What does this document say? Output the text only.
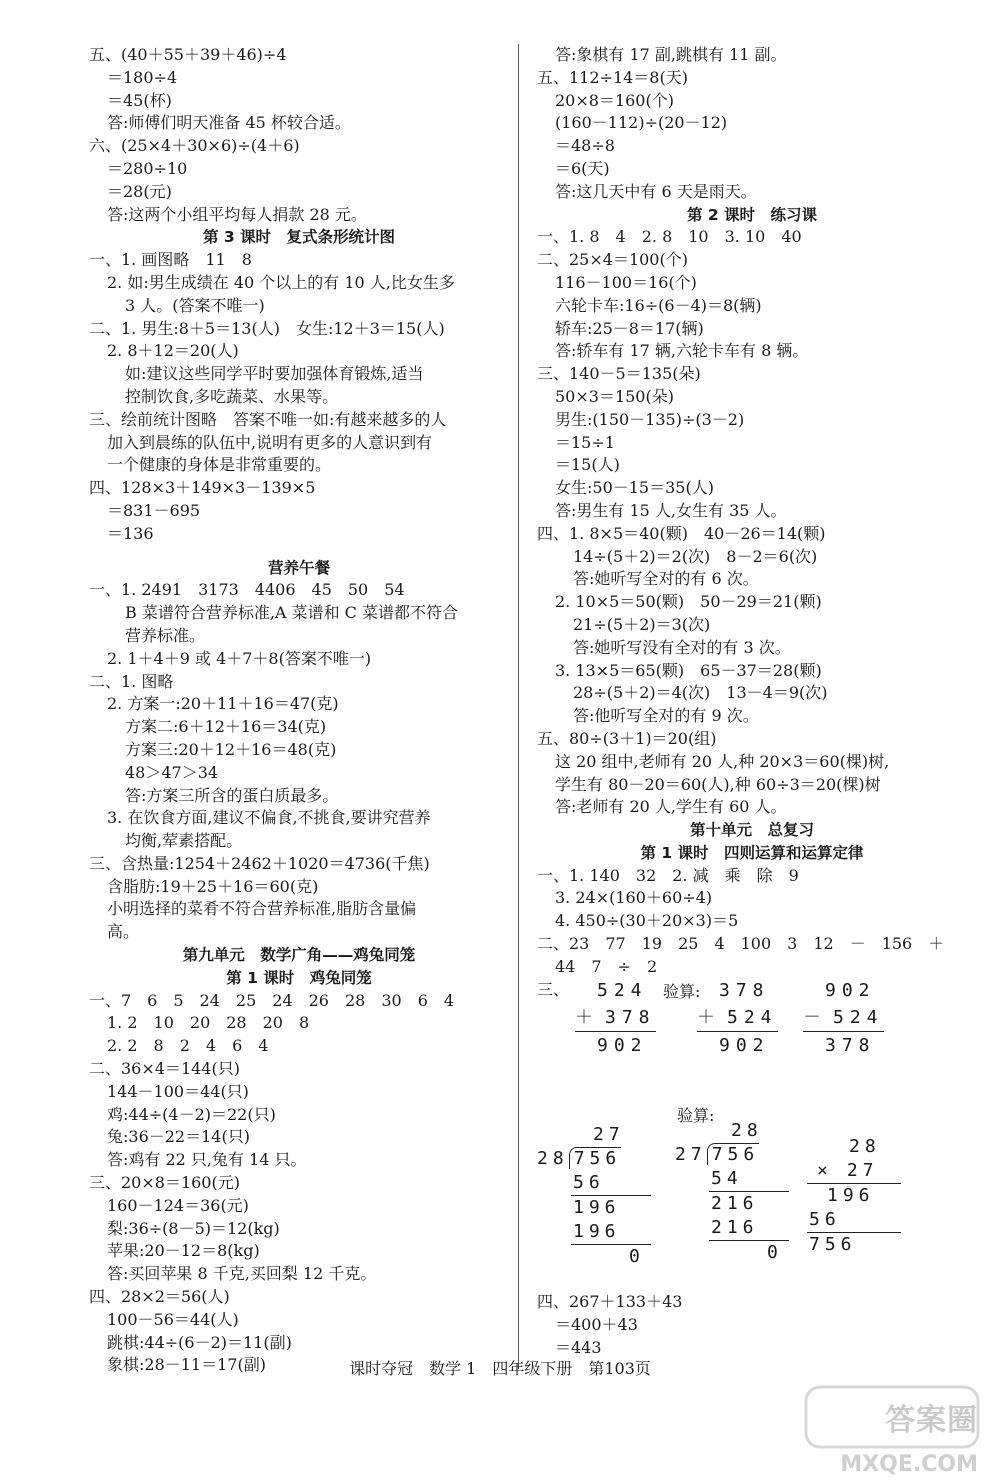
五、(40＋55＋39＋46)÷4
＝180÷4
＝45(杯)
答:师傅们明天准备 45 杯较合适。
六、(25×4＋30×6)÷(4＋6)
＝280÷10
＝28(元)
答:这两个小组平均每人捐款 28 元。
第 3 课时　复式条形统计图
一、1. 画图略　11　8
2. 如:男生成绩在 40 个以上的有 10 人,比女生多
3 人。(答案不唯一)
二、1. 男生:8＋5＝13(人)　女生:12＋3＝15(人)
2. 8＋12＝20(人)
如:建议这些同学平时要加强体育锻炼,适当
控制饮食,多吃蔬菜、水果等。
三、绘前统计图略　答案不唯一如:有越来越多的人
加入到晨练的队伍中,说明有更多的人意识到有
一个健康的身体是非常重要的。
四、128×3＋149×3－139×5
＝831－695
＝136
营养午餐
一、1. 2491　3173　4406　45　50　54
B 菜谱符合营养标准,A 菜谱和 C 菜谱都不符合
营养标准。
2. 1＋4＋9 或 4＋7＋8(答案不唯一)
二、1. 图略
2. 方案一:20＋11＋16＝47(克)
方案二:6＋12＋16＝34(克)
方案三:20＋12＋16＝48(克)
48＞47＞34
答:方案三所含的蛋白质最多。
3. 在饮食方面,建议不偏食,不挑食,要讲究营养
均衡,荤素搭配。
三、含热量:1254＋2462＋1020＝4736(千焦)
含脂肪:19＋25＋16＝60(克)
小明选择的菜肴不符合营养标准,脂肪含量偏
高。
第九单元　数学广角——鸡兔同笼
第 1 课时　鸡兔同笼
一、7　6　5　24　25　24　26　28　30　6　4
1. 2　10　20　28　20　8
2. 2　8　2　4　6　4
二、36×4＝144(只)
144－100＝44(只)
鸡:44÷(4－2)＝22(只)
兔:36－22＝14(只)
答:鸡有 22 只,兔有 14 只。
三、20×8＝160(元)
160－124＝36(元)
梨:36÷(8－5)＝12(kg)
苹果:20－12＝8(kg)
答:买回苹果 8 千克,买回梨 12 千克。
四、28×2＝56(人)
100－56＝44(人)
跳棋:44÷(6－2)＝11(副)
象棋:28－11＝17(副)
答:象棋有 17 副,跳棋有 11 副。
五、112÷14＝8(天)
20×8＝160(个)
(160－112)÷(20－12)
＝48÷8
＝6(天)
答:这几天中有 6 天是雨天。
第 2 课时　练习课
一、1. 8　4　2. 8　10　3. 10　40
二、25×4＝100(个)
116－100＝16(个)
六轮卡车:16÷(6－4)＝8(辆)
轿车:25－8＝17(辆)
答:轿车有 17 辆,六轮卡车有 8 辆。
三、140－5＝135(朵)
50×3＝150(朵)
男生:(150－135)÷(3－2)
＝15÷1
＝15(人)
女生:50－15＝35(人)
答:男生有 15 人,女生有 35 人。
四、1. 8×5＝40(颗)　40－26＝14(颗)
14÷(5＋2)＝2(次)　8－2＝6(次)
答:她听写全对的有 6 次。
2. 10×5＝50(颗)　50－29＝21(颗)
21÷(5＋2)＝3(次)
答:她听写没有全对的有 3 次。
3. 13×5＝65(颗)　65－37＝28(颗)
28÷(5＋2)＝4(次)　13－4＝9(次)
答:他听写全对的有 9 次。
五、80÷(3＋1)＝20(组)
这 20 组中,老师有 20 人,种 20×3＝60(棵)树,
学生有 80－20＝60(人),种 60÷3＝20(棵)树
答:老师有 20 人,学生有 60 人。
第十单元　总复习
第 1 课时　四则运算和运算定律
一、1. 140　32　2. 减　乘　除　9
3. 24×(160＋60÷4)
4. 450÷(30＋20×3)＝5
二、23　77　19　25　4　100　3　12　－　156　＋
44　7　÷　2
三、	524
＋ 378
902
验算:	378
＋ 524
902
902
－ 524
378
验算:
27
28 756
56
196
196
0
28
27 756
54
216
216
0
28
× 27
196
56
756
四、267＋133＋43
＝400＋43
＝443
课时夺冠　数学 1　四年级下册　第103页
答案圈
MXQE.COM
